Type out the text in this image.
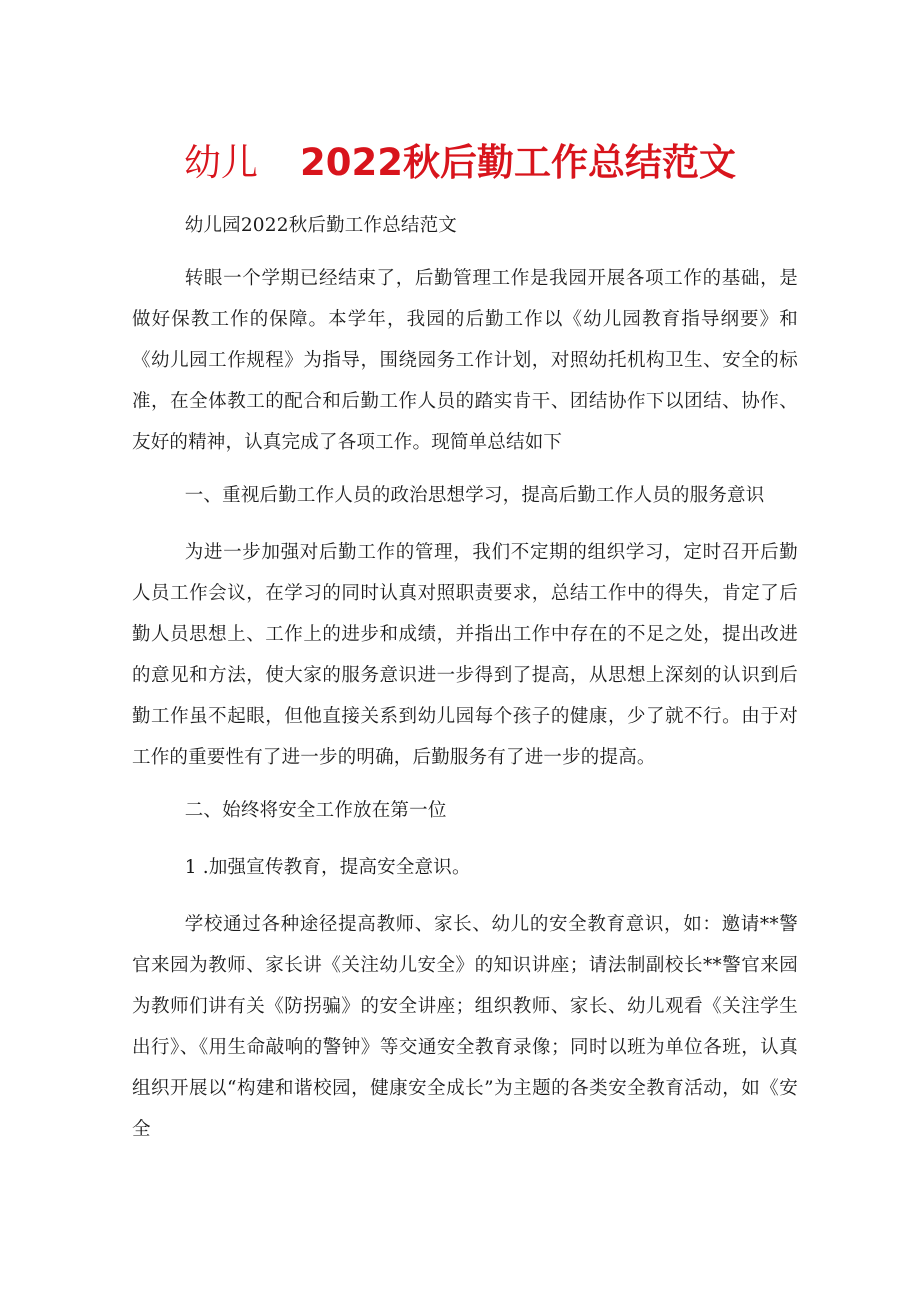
幼儿 2022秋后勤工作总结范文

幼儿园2022秋后勤工作总结范文

转眼一个学期已经结束了，后勤管理工作是我园开展各项工作的基础，是做好保教工作的保障。本学年，我园的后勤工作以《幼儿园教育指导纲要》和《幼儿园工作规程》为指导，围绕园务工作计划，对照幼托机构卫生、安全的标准，在全体教工的配合和后勤工作人员的踏实肯干、团结协作下以团结、协作、友好的精神，认真完成了各项工作。现简单总结如下

一、重视后勤工作人员的政治思想学习，提高后勤工作人员的服务意识

为进一步加强对后勤工作的管理，我们不定期的组织学习，定时召开后勤人员工作会议，在学习的同时认真对照职责要求，总结工作中的得失，肯定了后勤人员思想上、工作上的进步和成绩，并指出工作中存在的不足之处，提出改进的意见和方法，使大家的服务意识进一步得到了提高，从思想上深刻的认识到后勤工作虽不起眼，但他直接关系到幼儿园每个孩子的健康，少了就不行。由于对工作的重要性有了进一步的明确，后勤服务有了进一步的提高。

二、始终将安全工作放在第一位

1 .加强宣传教育，提高安全意识。

学校通过各种途径提高教师、家长、幼儿的安全教育意识，如：邀请**警官来园为教师、家长讲《关注幼儿安全》的知识讲座；请法制副校长**警官来园为教师们讲有关《防拐骗》的安全讲座；组织教师、家长、幼儿观看《关注学生出行》、《用生命敲响的警钟》等交通安全教育录像；同时以班为单位各班，认真组织开展以“构建和谐校园，健康安全成长”为主题的各类安全教育活动，如《安全
